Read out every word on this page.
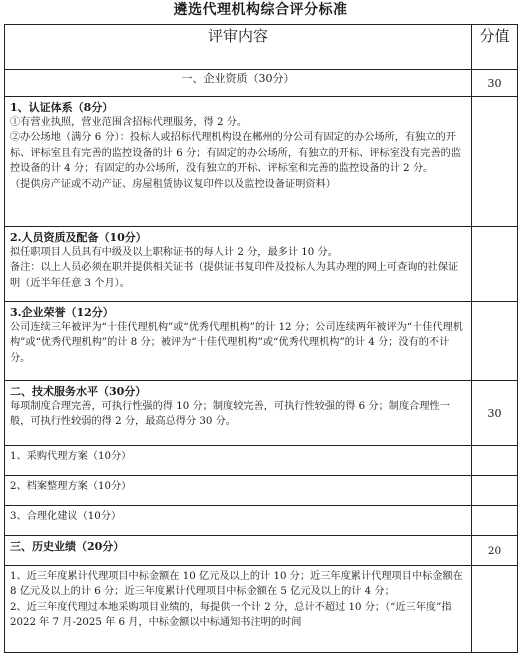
遴选代理机构综合评分标准
评审内容	分值
一、企业资质（30分）	30

1、认证体系（8分）
①有营业执照，营业范围含招标代理服务，得 2 分。
②办公场地（满分 6 分）：投标人或招标代理机构设在郴州的分公司有固定的办公场所，有独立的开标、评标室且有完善的监控设备的计 6 分；有固定的办公场所，有独立的开标、评标室没有完善的监控设备的计 4 分；有固定的办公场所，没有独立的开标、评标室和完善的监控设备的计 2 分。
（提供房产证或不动产证、房屋租赁协议复印件以及监控设备证明资料）	

2.人员资质及配备（10分）
拟任职项目人员具有中级及以上职称证书的每人计 2 分，最多计 10 分。
备注：以上人员必须在职并提供相关证书（提供证书复印件及投标人为其办理的网上可查询的社保证明（近半年任意 3 个月）。	

3.企业荣誉（12分）
公司连续三年被评为“十佳代理机构”或“优秀代理机构”的计 12 分；公司连续两年被评为“十佳代理机构”或“优秀代理机构”的计 8 分；被评为“十佳代理机构”或“优秀代理机构”的计 4 分；没有的不计分。	

二、技术服务水平（30分）
每项制度合理完善，可执行性强的得 10 分；制度较完善，可执行性较强的得 6 分；制度合理性一般，可执行性较弱的得 2 分，最高总得分 30 分。	30

1、采购代理方案（10分）	

2、档案整理方案（10分）	

3、合理化建议（10分）	

三、历史业绩（20分）	20

1、近三年度累计代理项目中标金额在 10 亿元及以上的计 10 分；近三年度累计代理项目中标金额在 8 亿元及以上的计 6 分；近三年度累计代理项目中标金额在 5 亿元及以上的计 4 分；
2、近三年度代理过本地采购项目业绩的，每提供一个计 2 分，总计不超过 10 分；（“近三年度”指 2022 年 7 月-2025 年 6 月，中标金额以中标通知书注明的时间	
